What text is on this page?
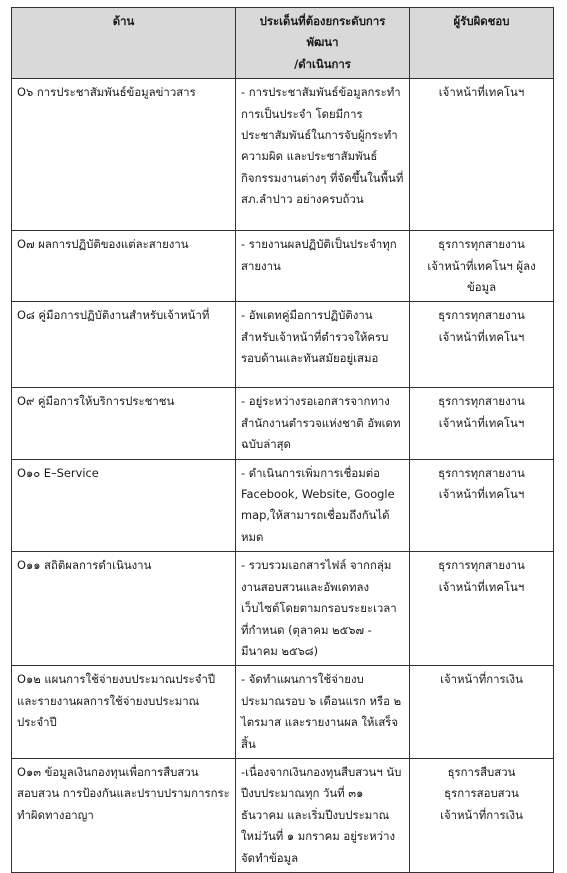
ด้าน	ประเด็นที่ต้องยกระดับการ
พัฒนา
/ดำเนินการ	ผู้รับผิดชอบ
O๖ การประชาสัมพันธ์ข้อมูลข่าวสาร	- การประชาสัมพันธ์ข้อมูลกระทำการเป็นประจำ โดยมีการ ประชาสัมพันธ์ในการจับผู้กระทำความผิด และประชาสัมพันธ์กิจกรรมงานต่างๆ ที่จัดขึ้นในพื้นที่ สภ.ลำปาว อย่างครบถ้วน	เจ้าหน้าที่เทคโนฯ

O๗ ผลการปฏิบัติของแต่ละสายงาน	- รายงานผลปฏิบัติเป็นประจำทุกสายงาน	ธุรการทุกสายงาน
เจ้าหน้าที่เทคโนฯ ผู้ลงข้อมูล

O๘ คู่มือการปฏิบัติงานสำหรับเจ้าหน้าที่	- อัพเดทคู่มือการปฏิบัติงานสำหรับเจ้าหน้าที่ตำรวจให้ครบรอบด้านและทันสมัยอยู่เสมอ	ธุรการทุกสายงาน
เจ้าหน้าที่เทคโนฯ

O๙ คู่มือการให้บริการประชาชน	- อยู่ระหว่างรอเอกสารจากทางสำนักงานตำรวจแห่งชาติ อัพเดทฉบับล่าสุด	ธุรการทุกสายงาน
เจ้าหน้าที่เทคโนฯ

O๑๐ E–Service	- ดำเนินการเพิ่มการเชื่อมต่อ Facebook, Website, Google map,ให้สามารถเชื่อมถึงกันได้หมด	ธุรการทุกสายงาน
เจ้าหน้าที่เทคโนฯ

O๑๑ สถิติผลการดำเนินงาน	- รวบรวมเอกสารไฟล์ จากกลุ่มงานสอบสวนและอัพเดทลงเว็บไซต์โดยตามกรอบระยะเวลาที่กำหนด (ตุลาคม ๒๕๖๗ - มีนาคม ๒๕๖๘)	ธุรการทุกสายงาน
เจ้าหน้าที่เทคโนฯ

O๑๒ แผนการใช้จ่ายงบประมาณประจำปี และรายงานผลการใช้จ่ายงบประมาณประจำปี	- จัดทำแผนการใช้จ่ายงบประมาณรอบ ๖ เดือนแรก หรือ ๒ ไตรมาส และรายงานผล ให้เสร็จสิ้น	เจ้าหน้าที่การเงิน

O๑๓ ข้อมูลเงินกองทุนเพื่อการสืบสวนสอบสวน การป้องกันและปราบปรามการกระทำผิดทางอาญา	-เนื่องจากเงินกองทุนสืบสวนฯ นับปีงบประมาณทุก วันที่ ๓๑ ธันวาคม และเริ่มปีงบประมาณใหม่วันที่ ๑ มกราคม อยู่ระหว่างจัดทำข้อมูล	ธุรการสืบสวน
ธุรการสอบสวน
เจ้าหน้าที่การเงิน
